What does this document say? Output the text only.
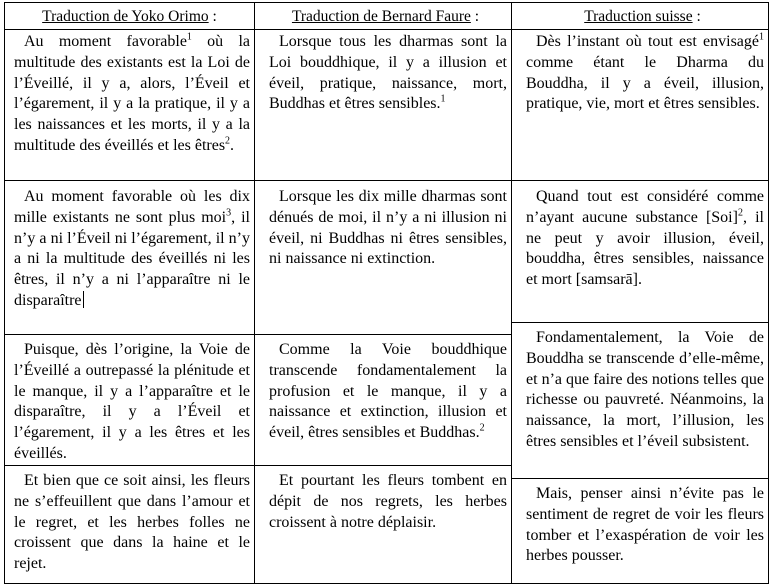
Traduction de Yoko Orimo :
Au moment favorable$^1$ où la multitude des existants est la Loi de l’Éveillé, il y a, alors, l’Éveil et l’égarement, il y a la pratique, il y a les naissances et les morts, il y a la multitude des éveillés et les êtres$^2$.
Au moment favorable où les dix mille existants ne sont plus moi$^3$, il n’y a ni l’Éveil ni l’égarement, il n’y a ni la multitude des éveillés ni les êtres, il n’y a ni l’apparaître ni le disparaître
Puisque, dès l’origine, la Voie de l’Éveillé a outrepassé la plénitude et le manque, il y a l’apparaître et le disparaître, il y a l’Éveil et l’égarement, il y a les êtres et les éveillés.
Et bien que ce soit ainsi, les fleurs ne s’effeuillent que dans l’amour et le regret, et les herbes folles ne croissent que dans la haine et le rejet.
Traduction de Bernard Faure :
Lorsque tous les dharmas sont la Loi bouddhique, il y a illusion et éveil, pratique, naissance, mort, Buddhas et êtres sensibles.$^1$
Lorsque les dix mille dharmas sont dénués de moi, il n’y a ni illusion ni éveil, ni Buddhas ni êtres sensibles, ni naissance ni extinction.
Comme la Voie bouddhique transcende fondamentalement la profusion et le manque, il y a naissance et extinction, illusion et éveil, êtres sensibles et Buddhas.$^2$
Et pourtant les fleurs tombent en dépit de nos regrets, les herbes croissent à notre déplaisir.
Traduction suisse :
Dès l’instant où tout est envisagé$^1$ comme étant le Dharma du Bouddha, il y a éveil, illusion, pratique, vie, mort et êtres sensibles.
Quand tout est considéré comme n’ayant aucune substance [Soi]$^2$, il ne peut y avoir illusion, éveil, bouddha, êtres sensibles, naissance et mort [samsarā].
Fondamentalement, la Voie de Bouddha se transcende d’elle-même, et n’a que faire des notions telles que richesse ou pauvreté. Néanmoins, la naissance, la mort, l’illusion, les êtres sensibles et l’éveil subsistent.
Mais, penser ainsi n’évite pas le sentiment de regret de voir les fleurs tomber et l’exaspération de voir les herbes pousser.
